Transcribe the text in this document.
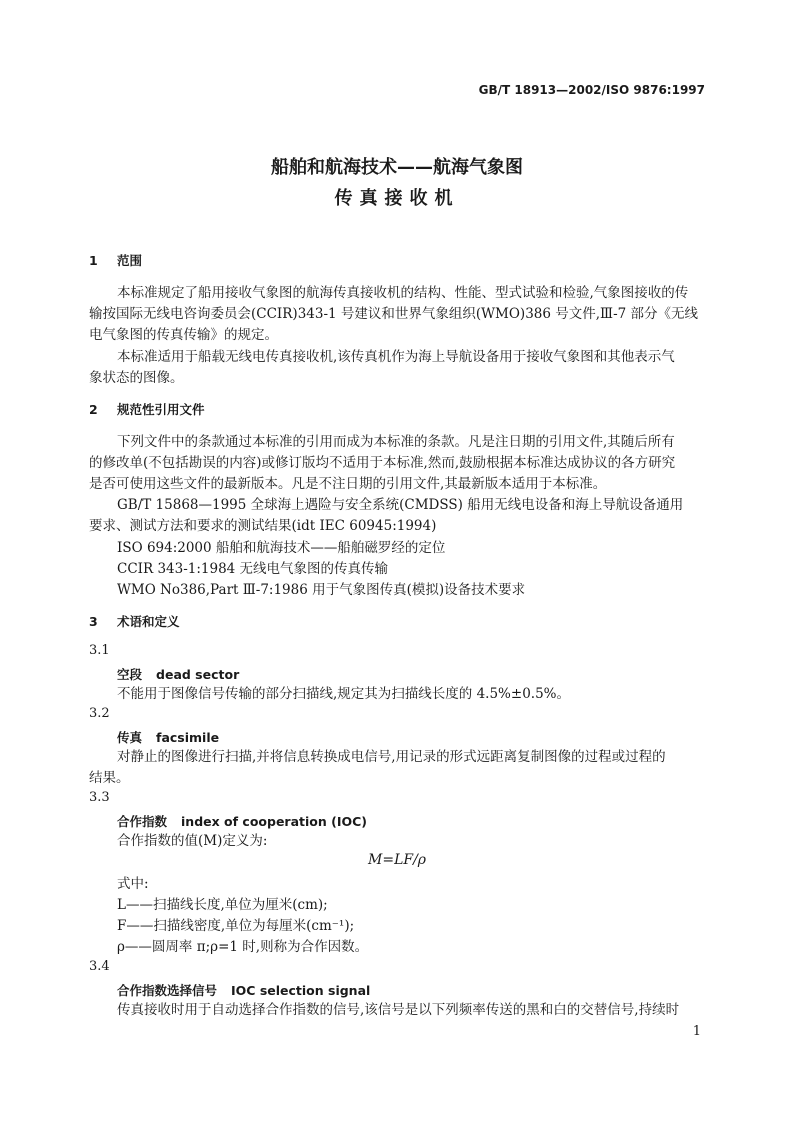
GB/T 18913—2002/ISO 9876:1997
船舶和航海技术——航海气象图
传真接收机
1 范围
本标准规定了船用接收气象图的航海传真接收机的结构、性能、型式试验和检验,气象图接收的传
输按国际无线电咨询委员会(CCIR)343-1 号建议和世界气象组织(WMO)386 号文件,Ⅲ-7 部分《无线
电气象图的传真传输》的规定。
本标准适用于船载无线电传真接收机,该传真机作为海上导航设备用于接收气象图和其他表示气
象状态的图像。
2 规范性引用文件
下列文件中的条款通过本标准的引用而成为本标准的条款。凡是注日期的引用文件,其随后所有
的修改单(不包括勘误的内容)或修订版均不适用于本标准,然而,鼓励根据本标准达成协议的各方研究
是否可使用这些文件的最新版本。凡是不注日期的引用文件,其最新版本适用于本标准。
GB/T 15868—1995 全球海上遇险与安全系统(CMDSS) 船用无线电设备和海上导航设备通用
要求、测试方法和要求的测试结果(idt IEC 60945:1994)
ISO 694:2000 船舶和航海技术——船舶磁罗经的定位
CCIR 343-1:1984 无线电气象图的传真传输
WMO No386,Part Ⅲ-7:1986 用于气象图传真(模拟)设备技术要求
3 术语和定义
3.1
空段 dead sector
不能用于图像信号传输的部分扫描线,规定其为扫描线长度的 4.5%±0.5%。
3.2
传真 facsimile
对静止的图像进行扫描,并将信息转换成电信号,用记录的形式远距离复制图像的过程或过程的
结果。
3.3
合作指数 index of cooperation (IOC)
合作指数的值(M)定义为:
M=LF/ρ
式中:
L——扫描线长度,单位为厘米(cm);
F——扫描线密度,单位为每厘米(cm⁻¹);
ρ——圆周率 π;ρ=1 时,则称为合作因数。
3.4
合作指数选择信号 IOC selection signal
传真接收时用于自动选择合作指数的信号,该信号是以下列频率传送的黑和白的交替信号,持续时
1
